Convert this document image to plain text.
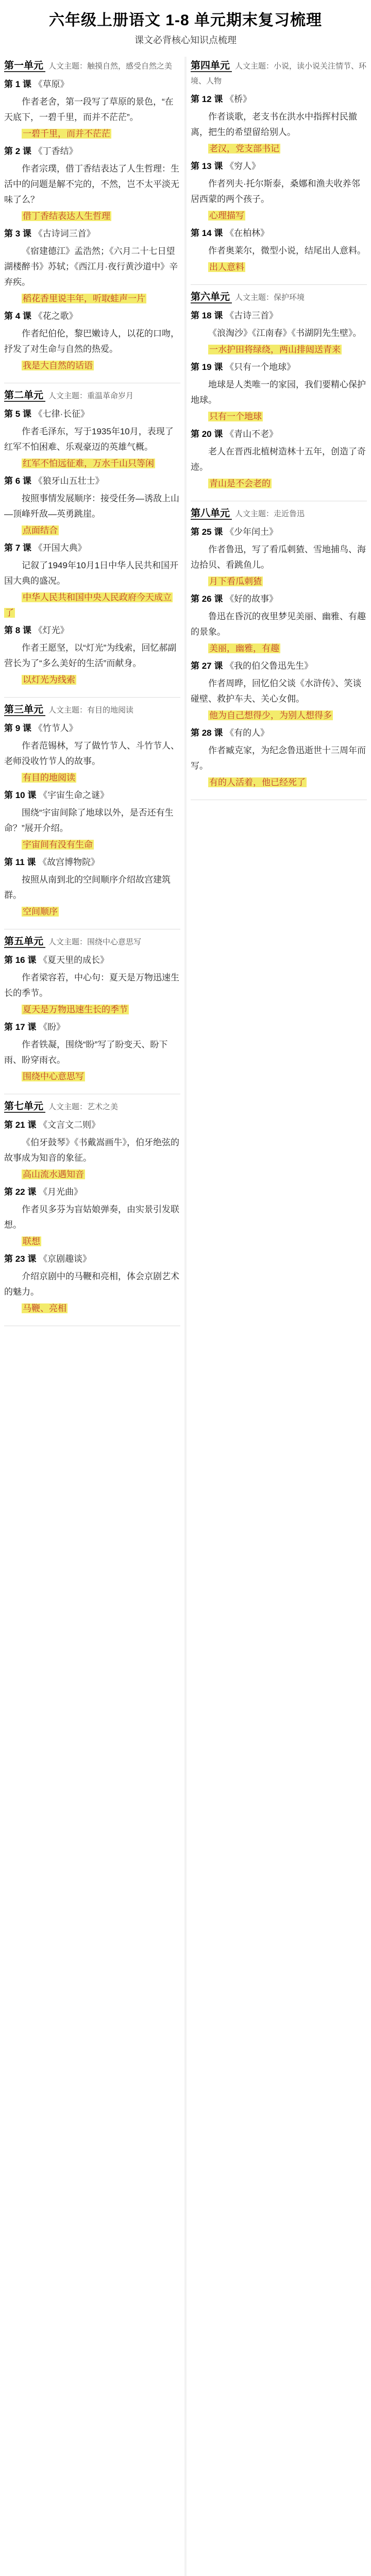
六年级上册语文 1-8 单元期末复习梳理
课文必背核心知识点梳理
第一单元 人文主题：触摸自然，感受自然之美
第 1 课 《草原》
作者老舍，第一段写了草原的景色，“在天底下，一碧千里，而并不茫茫”。
一碧千里，而并不茫茫
第 2 课 《丁香结》
作者宗璞，借丁香结表达了人生哲理：生活中的问题是解不完的，不然，岂不太平淡无味了么？
借丁香结表达人生哲理
第 3 课 《古诗词三首》
《宿建德江》孟浩然；《六月二十七日望湖楼醉书》苏轼；《西江月·夜行黄沙道中》辛弃疾。
稻花香里说丰年，听取蛙声一片
第 4 课 《花之歌》
作者纪伯伦，黎巴嫩诗人，以花的口吻，抒发了对生命与自然的热爱。
我是大自然的话语
第二单元 人文主题：重温革命岁月
第 5 课 《七律·长征》
作者毛泽东，写于1935年10月，表现了红军不怕困难、乐观豪迈的英雄气概。
红军不怕远征难，万水千山只等闲
第 6 课 《狼牙山五壮士》
按照事情发展顺序：接受任务—诱敌上山—顶峰歼敌—英勇跳崖。
点面结合
第 7 课 《开国大典》
记叙了1949年10月1日中华人民共和国开国大典的盛况。
中华人民共和国中央人民政府今天成立了
第 8 课 《灯光》
作者王愿坚，以“灯光”为线索，回忆郝副营长为了“多么美好的生活”而献身。
以灯光为线索
第三单元 人文主题：有目的地阅读
第 9 课 《竹节人》
作者范锡林，写了做竹节人、斗竹节人、老师没收竹节人的故事。
有目的地阅读
第 10 课 《宇宙生命之谜》
围绕“宇宙间除了地球以外，是否还有生命？”展开介绍。
宇宙间有没有生命
第 11 课 《故宫博物院》
按照从南到北的空间顺序介绍故宫建筑群。
空间顺序
第五单元 人文主题：围绕中心意思写
第 16 课 《夏天里的成长》
作者梁容若，中心句：夏天是万物迅速生长的季节。
夏天是万物迅速生长的季节
第 17 课 《盼》
作者铁凝，围绕“盼”写了盼变天、盼下雨、盼穿雨衣。
围绕中心意思写
第七单元 人文主题：艺术之美
第 21 课 《文言文二则》
《伯牙鼓琴》《书戴嵩画牛》，伯牙绝弦的故事成为知音的象征。
高山流水遇知音
第 22 课 《月光曲》
作者贝多芬为盲姑娘弹奏，由实景引发联想。
联想
第 23 课 《京剧趣谈》
介绍京剧中的马鞭和亮相，体会京剧艺术的魅力。
马鞭、亮相
第四单元 人文主题：小说，读小说关注情节、环境、人物
第 12 课 《桥》
作者谈歌，老支书在洪水中指挥村民撤离，把生的希望留给别人。
老汉，党支部书记
第 13 课 《穷人》
作者列夫·托尔斯泰，桑娜和渔夫收养邻居西蒙的两个孩子。
心理描写
第 14 课 《在柏林》
作者奥莱尔，微型小说，结尾出人意料。
出人意料
第六单元 人文主题：保护环境
第 18 课 《古诗三首》
《浪淘沙》《江南春》《书湖阴先生壁》。
一水护田将绿绕，两山排闼送青来
第 19 课 《只有一个地球》
地球是人类唯一的家园，我们要精心保护地球。
只有一个地球
第 20 课 《青山不老》
老人在晋西北植树造林十五年，创造了奇迹。
青山是不会老的
第八单元 人文主题：走近鲁迅
第 25 课 《少年闰土》
作者鲁迅，写了看瓜刺猹、雪地捕鸟、海边拾贝、看跳鱼儿。
月下看瓜刺猹
第 26 课 《好的故事》
鲁迅在昏沉的夜里梦见美丽、幽雅、有趣的景象。
美丽，幽雅，有趣
第 27 课 《我的伯父鲁迅先生》
作者周晔，回忆伯父谈《水浒传》、笑谈碰壁、救护车夫、关心女佣。
他为自己想得少，为别人想得多
第 28 课 《有的人》
作者臧克家，为纪念鲁迅逝世十三周年而写。
有的人活着，他已经死了
